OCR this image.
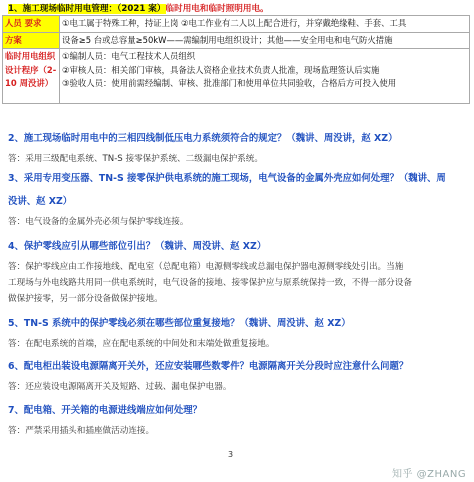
1、施工现场临时用电管理：（2021 案）临时用电和临时照明用电。
人员 要求	①电工属于特殊工种，持证上岗 ②电工作业有二人以上配合进行，并穿戴绝缘鞋、手套、工具
方案	设备≥5 台或总容量≥50kW——需编制用电组织设计；其他——安全用电和电气防火措施
临时用电组织设计程序（2-10 周没讲）	①编制人员：电气工程技术人员组织
②审核人员：相关部门审核，具备法人资格企业技术负责人批准，现场监理签认后实施
③验收人员：使用前需经编制、审核、批准部门和使用单位共同验收，合格后方可投入使用
2、施工现场临时用电中的三相四线制低压电力系统须符合的规定？（魏讲、周没讲，赵 XZ）
答：采用三级配电系统、TN-S 接零保护系统、二级漏电保护系统。
3、采用专用变压器、TN-S 接零保护供电系统的施工现场，电气设备的金属外壳应如何处理？（魏讲、周
没讲、赵 XZ）
答：电气设备的金属外壳必须与保护零线连接。
4、保护零线应引从哪些部位引出？（魏讲、周没讲、赵 XZ）
答：保护零线应由工作接地线、配电室（总配电箱）电源侧零线或总漏电保护器电源侧零线处引出。当施
工现场与外电线路共用同一供电系统时，电气设备的接地、接零保护应与原系统保持一致，不得一部分设备
做保护接零，另一部分设备做保护接地。
5、TN-S 系统中的保护零线必须在哪些部位重复接地？（魏讲、周没讲、赵 XZ）
答：在配电系统的首端，应在配电系统的中间处和末端处做重复接地。
6、配电柜出装设电源隔离开关外，还应安装哪些数零件？电源隔离开关分段时应注意什么问题？
答：还应装设电源隔离开关及短路、过载、漏电保护电器。
7、配电箱、开关箱的电源进线端应如何处理？
答：严禁采用插头和插座做活动连接。
3
知乎 @ZHANG
